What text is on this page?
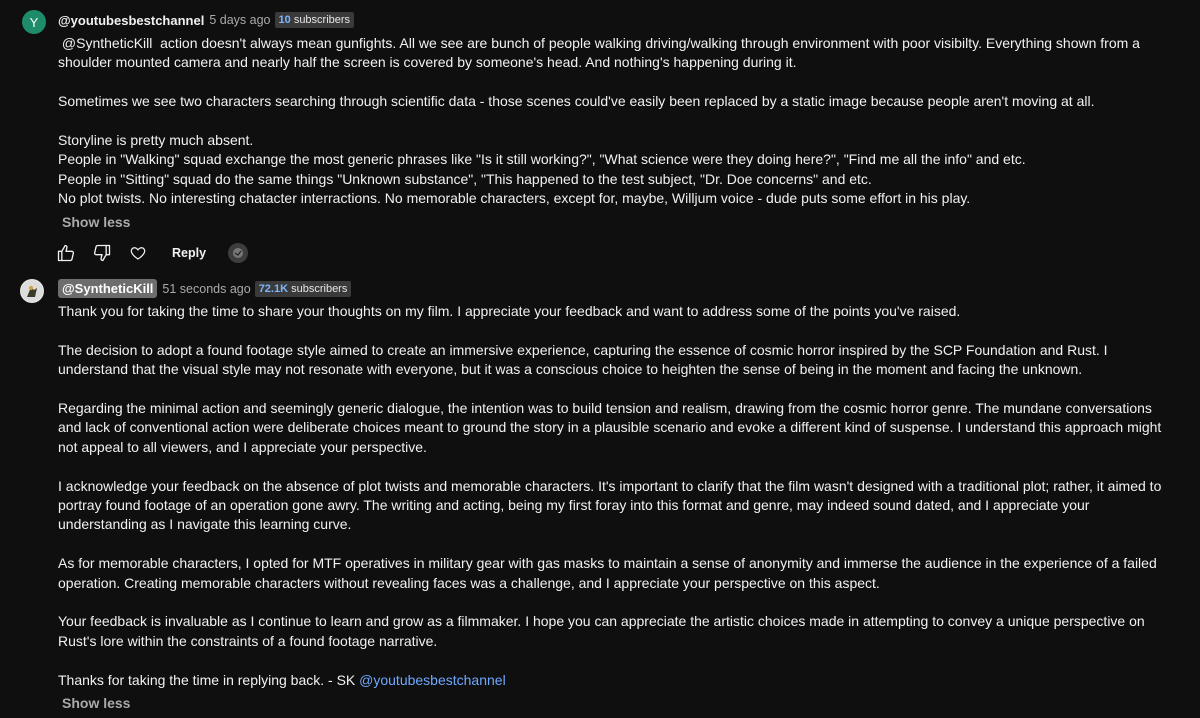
Y @youtubesbestchannel 5 days ago 10 subscribers

@SyntheticKill  action doesn't always mean gunfights. All we see are bunch of people walking driving/walking through environment with poor visibilty. Everything shown from a shoulder mounted camera and nearly half the screen is covered by someone's head. And nothing's happening during it.

Sometimes we see two characters searching through scientific data - those scenes could've easily been replaced by a static image because people aren't moving at all.

Storyline is pretty much absent.

People in "Walking" squad exchange the most generic phrases like "Is it still working?", "What science were they doing here?", "Find me all the info" and etc.

People in "Sitting" squad do the same things "Unknown substance", "This happened to the test subject, "Dr. Doe concerns" and etc.

No plot twists. No interesting chatacter interractions. No memorable characters, except for, maybe, Willjum voice - dude puts some effort in his play.

Show less
Reply
@SyntheticKill 51 seconds ago 72.1K subscribers

Thank you for taking the time to share your thoughts on my film. I appreciate your feedback and want to address some of the points you've raised.

The decision to adopt a found footage style aimed to create an immersive experience, capturing the essence of cosmic horror inspired by the SCP Foundation and Rust. I understand that the visual style may not resonate with everyone, but it was a conscious choice to heighten the sense of being in the moment and facing the unknown.

Regarding the minimal action and seemingly generic dialogue, the intention was to build tension and realism, drawing from the cosmic horror genre. The mundane conversations and lack of conventional action were deliberate choices meant to ground the story in a plausible scenario and evoke a different kind of suspense. I understand this approach might not appeal to all viewers, and I appreciate your perspective.

I acknowledge your feedback on the absence of plot twists and memorable characters. It's important to clarify that the film wasn't designed with a traditional plot; rather, it aimed to portray found footage of an operation gone awry. The writing and acting, being my first foray into this format and genre, may indeed sound dated, and I appreciate your understanding as I navigate this learning curve.

As for memorable characters, I opted for MTF operatives in military gear with gas masks to maintain a sense of anonymity and immerse the audience in the experience of a failed operation. Creating memorable characters without revealing faces was a challenge, and I appreciate your perspective on this aspect.

Your feedback is invaluable as I continue to learn and grow as a filmmaker. I hope you can appreciate the artistic choices made in attempting to convey a unique perspective on Rust's lore within the constraints of a found footage narrative.

Thanks for taking the time in replying back. - SK @youtubesbestchannel

Show less
